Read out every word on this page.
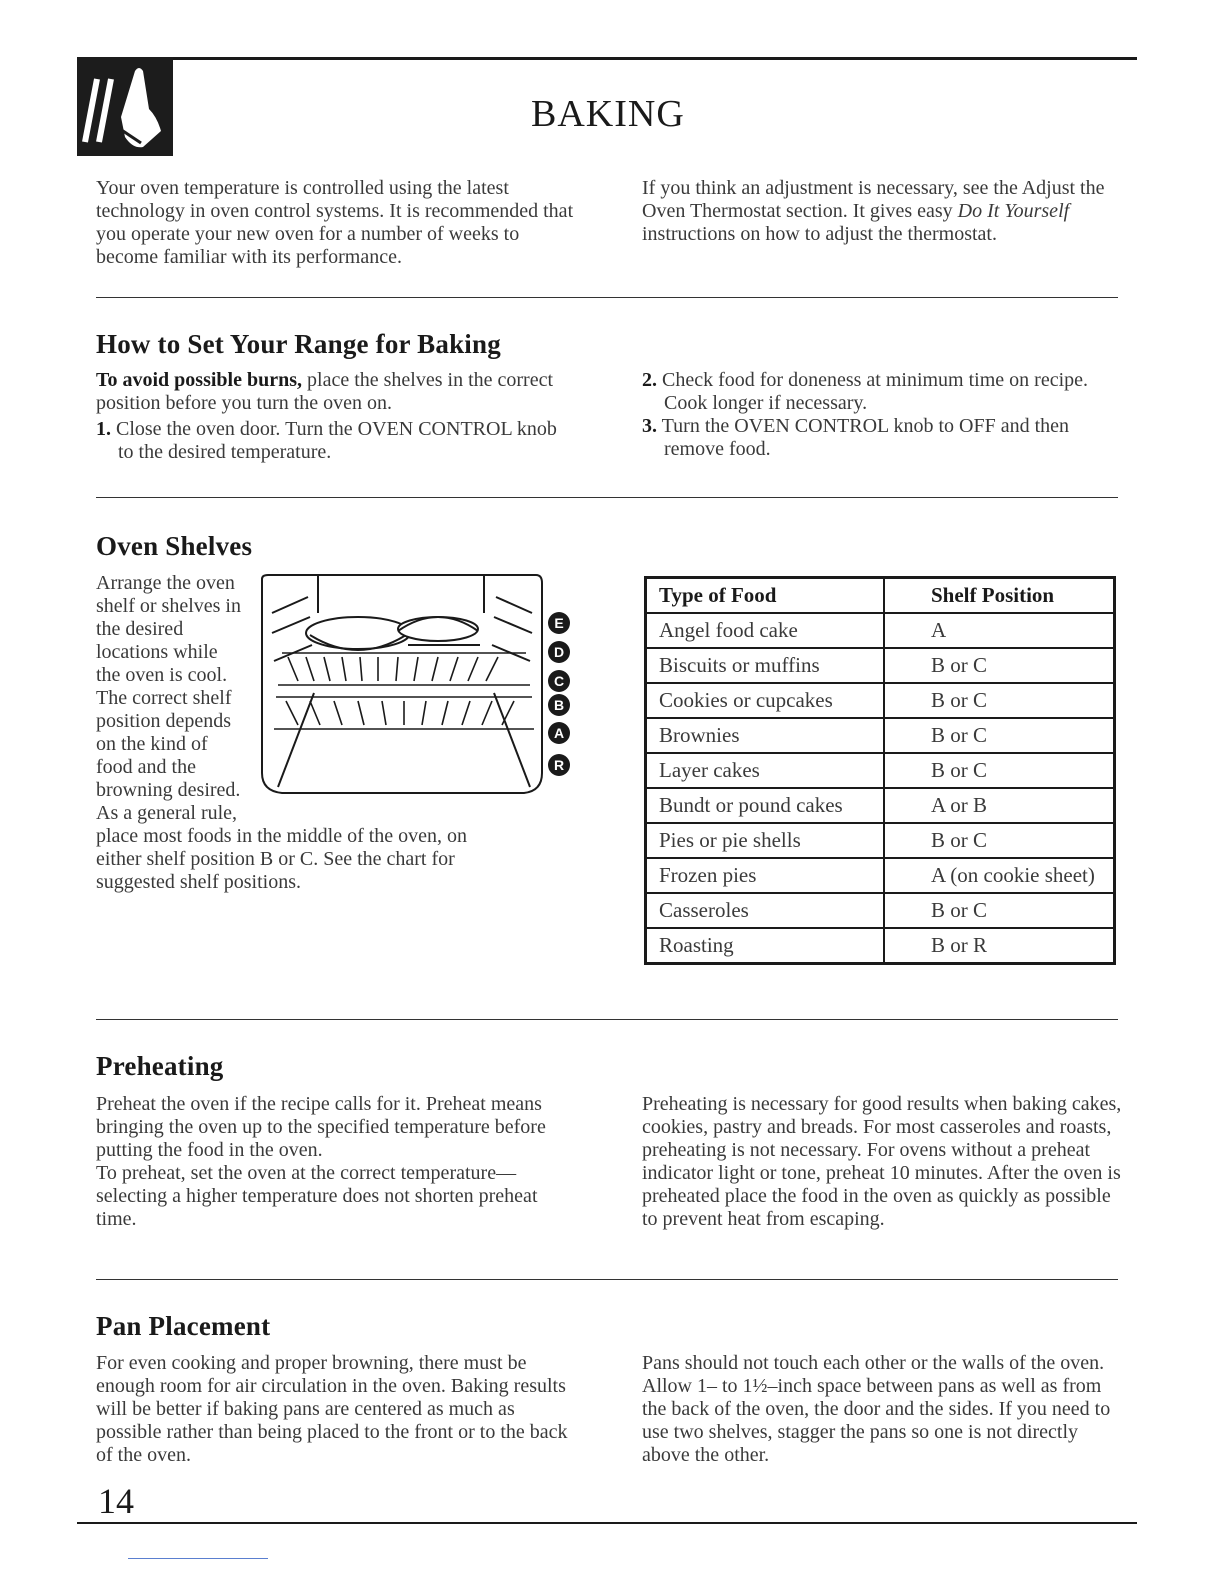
BAKING
Your oven temperature is controlled using the latest technology in oven control systems. It is recommended that you operate your new oven for a number of weeks to become familiar with its performance.
If you think an adjustment is necessary, see the Adjust the Oven Thermostat section. It gives easy Do It Yourself instructions on how to adjust the thermostat.
How to Set Your Range for Baking

To avoid possible burns, place the shelves in the correct position before you turn the oven on.

1. Close the oven door. Turn the OVEN CONTROL knob to the desired temperature.

2. Check food for doneness at minimum time on recipe. Cook longer if necessary.

3. Turn the OVEN CONTROL knob to OFF and then remove food.

Oven Shelves
Arrange the oven
shelf or shelves in
the desired
locations while
the oven is cool.
The correct shelf
position depends
on the kind of
food and the
browning desired.
As a general rule,
place most foods in the middle of the oven, on either shelf position B or C. See the chart for suggested shelf positions.
E
D
C
B
A
R
Type of Food	Shelf Position
Angel food cake	A
Biscuits or muffins	B or C
Cookies or cupcakes	B or C
Brownies	B or C
Layer cakes	B or C
Bundt or pound cakes	A or B
Pies or pie shells	B or C
Frozen pies	A (on cookie sheet)
Casseroles	B or C
Roasting	B or R
Preheating

Preheat the oven if the recipe calls for it. Preheat means bringing the oven up to the specified temperature before putting the food in the oven.

To preheat, set the oven at the correct temperature— selecting a higher temperature does not shorten preheat time.

Preheating is necessary for good results when baking cakes, cookies, pastry and breads. For most casseroles and roasts, preheating is not necessary. For ovens without a preheat indicator light or tone, preheat 10 minutes. After the oven is preheated place the food in the oven as quickly as possible to prevent heat from escaping.
Pan Placement
For even cooking and proper browning, there must be enough room for air circulation in the oven. Baking results will be better if baking pans are centered as much as possible rather than being placed to the front or to the back of the oven.
Pans should not touch each other or the walls of the oven. Allow 1– to 1½–inch space between pans as well as from the back of the oven, the door and the sides. If you need to use two shelves, stagger the pans so one is not directly above the other.
14
